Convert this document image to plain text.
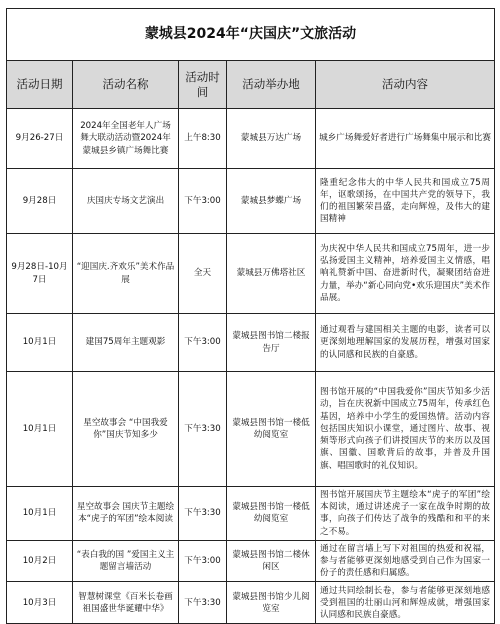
蒙城县2024年“庆国庆”文旅活动				
活动日期	活动名称	活动时间	活动举办地	活动内容
9月26-27日	2024年全国老年人广场舞大联动活动暨2024年蒙城县乡镇广场舞比赛	上午8:30	蒙城县万达广场	城乡广场舞爱好者进行广场舞集中展示和比赛
9月28日	庆国庆专场文艺演出	下午3:00	蒙城县梦蝶广场	隆重纪念伟大的中华人民共和国成立75周年，讴歌颂扬，在中国共产党的领导下，我们的祖国繁荣昌盛，走向辉煌，及伟大的建国精神
9月28日-10月7日	“迎国庆.齐欢乐”美术作品展	全天	蒙城县万佛塔社区	为庆祝中华人民共和国成立75周年，进一步弘扬爱国主义精神，培养爱国主义情感，唱响礼赞新中国、奋进新时代，凝聚团结奋进力量，举办“新心同向党•欢乐迎国庆”美术作品展。
10月1日	建国75周年主题观影	下午3:00	蒙城县图书馆二楼报告厅	通过观看与建国相关主题的电影，读者可以更深刻地理解国家的发展历程，增强对国家的认同感和民族的自豪感。
10月1日	星空故事会 “中国我爱你”国庆节知多少	下午3:30	蒙城县图书馆一楼低幼阅览室	图书馆开展的“中国我爱你”国庆节知多少活动，旨在庆祝新中国成立75周年，传承红色基因，培养中小学生的爱国热情。活动内容包括国庆知识小课堂，通过图片、故事、视频等形式向孩子们讲授国庆节的来历以及国旗、国徽、国歌背后的故事，并普及升国旗、唱国歌时的礼仪知识。
10月1日	星空故事会 国庆节主题绘本“虎子的军团”绘本阅读	下午3:30	蒙城县图书馆一楼低幼阅览室	图书馆开展国庆节主题绘本“虎子的军团”绘本阅读，通过讲述虎子一家在战争时期的故事，向孩子们传达了战争的残酷和和平的来之不易。
10月2日	“表白我的国 ”爱国主义主题留言墙活动	下午3:00	蒙城县图书馆二楼休闲区	通过在留言墙上写下对祖国的热爱和祝福，参与者能够更深刻地感受到自己作为国家一份子的责任感和归属感。
10月3日	智慧树课堂《百米长卷画祖国盛世华诞耀中华》	下午3:30	蒙城县图书馆少儿阅览室	通过共同绘制长卷，参与者能够更深刻地感受到祖国的壮丽山河和辉煌成就，增强国家认同感和民族自豪感。
